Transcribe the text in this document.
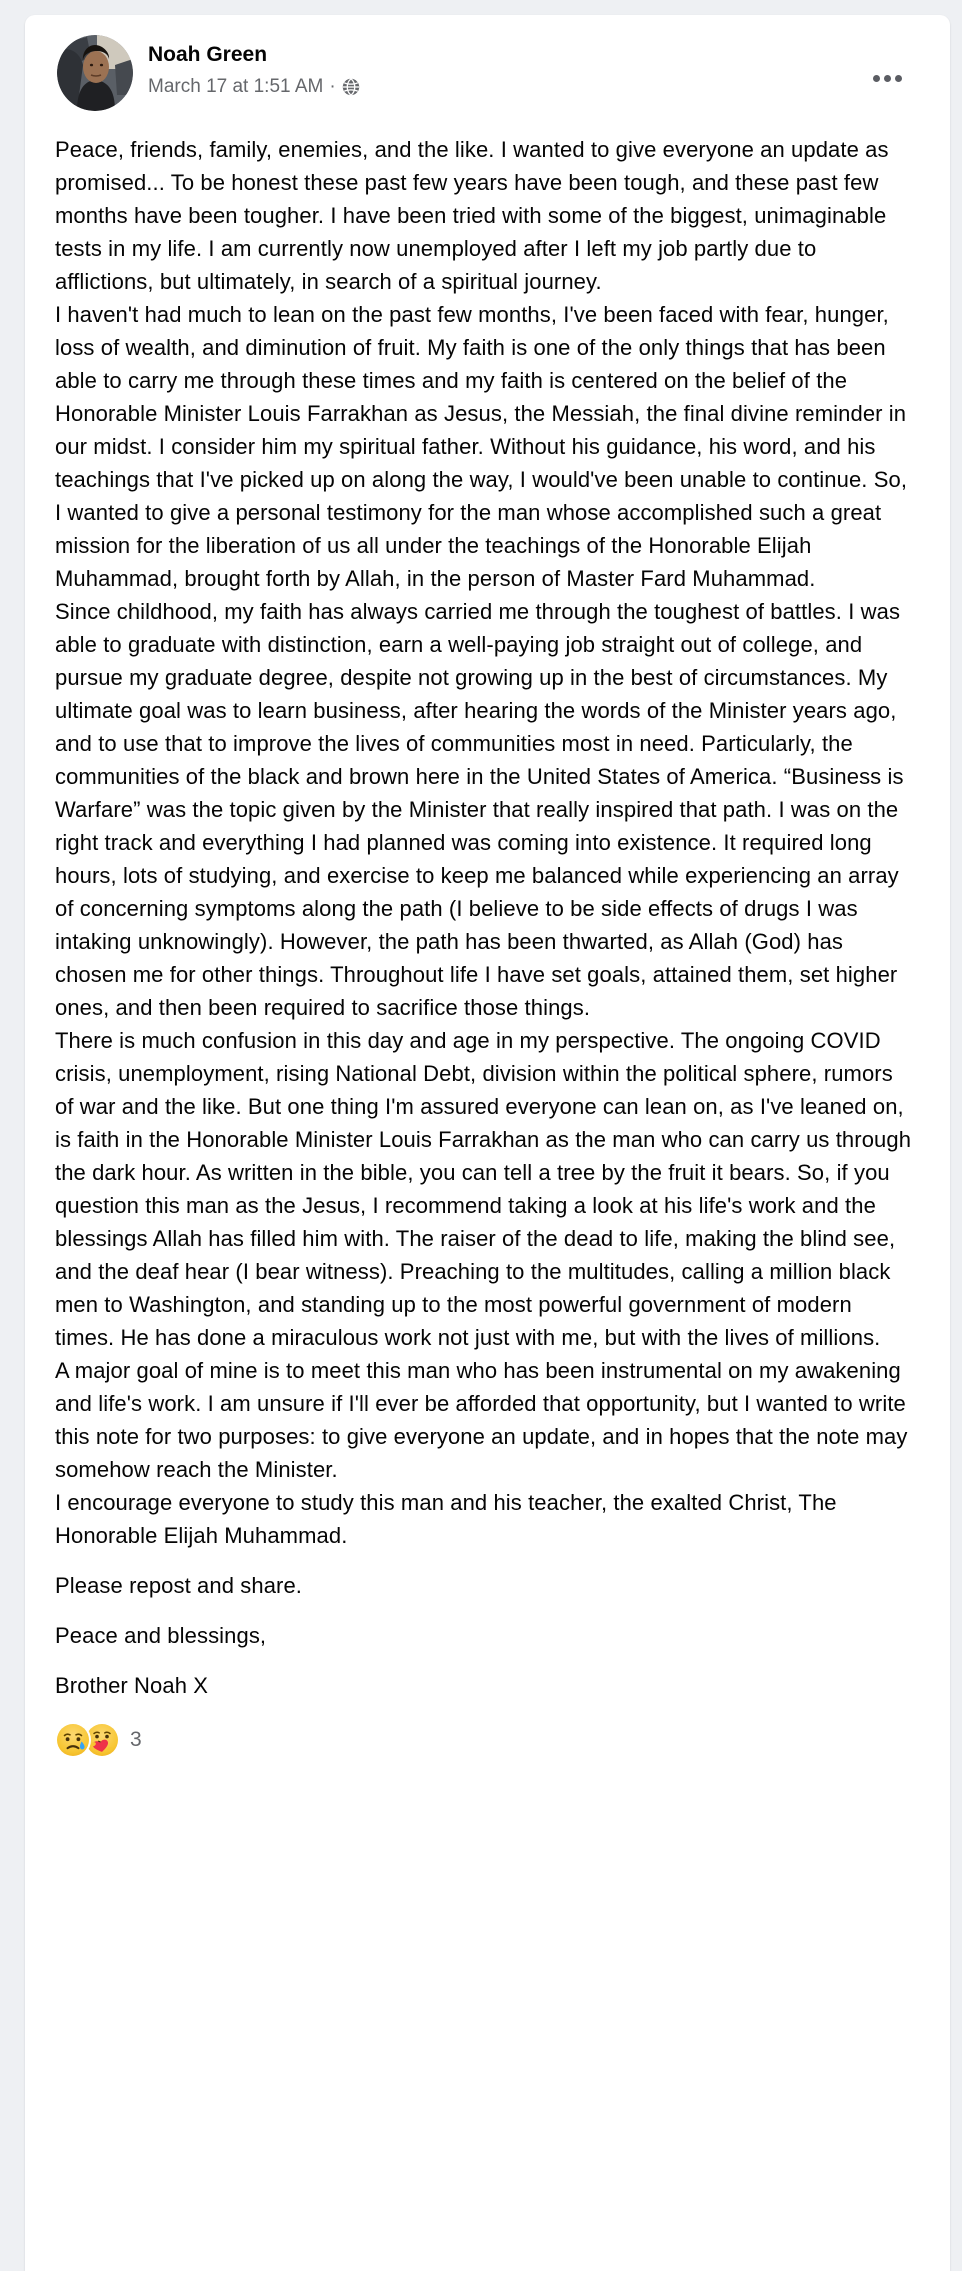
Noah Green
March 17 at 1:51 AM ·

Peace, friends, family, enemies, and the like. I wanted to give everyone an update as promised... To be honest these past few years have been tough, and these past few months have been tougher. I have been tried with some of the biggest, unimaginable tests in my life. I am currently now unemployed after I left my job partly due to afflictions, but ultimately, in search of a spiritual journey.

I haven't had much to lean on the past few months, I've been faced with fear, hunger, loss of wealth, and diminution of fruit. My faith is one of the only things that has been able to carry me through these times and my faith is centered on the belief of the Honorable Minister Louis Farrakhan as Jesus, the Messiah, the final divine reminder in our midst. I consider him my spiritual father. Without his guidance, his word, and his teachings that I've picked up on along the way, I would've been unable to continue. So, I wanted to give a personal testimony for the man whose accomplished such a great mission for the liberation of us all under the teachings of the Honorable Elijah Muhammad, brought forth by Allah, in the person of Master Fard Muhammad.

Since childhood, my faith has always carried me through the toughest of battles. I was able to graduate with distinction, earn a well-paying job straight out of college, and pursue my graduate degree, despite not growing up in the best of circumstances. My ultimate goal was to learn business, after hearing the words of the Minister years ago, and to use that to improve the lives of communities most in need. Particularly, the communities of the black and brown here in the United States of America. “Business is Warfare” was the topic given by the Minister that really inspired that path. I was on the right track and everything I had planned was coming into existence. It required long hours, lots of studying, and exercise to keep me balanced while experiencing an array of concerning symptoms along the path (I believe to be side effects of drugs I was intaking unknowingly). However, the path has been thwarted, as Allah (God) has chosen me for other things. Throughout life I have set goals, attained them, set higher ones, and then been required to sacrifice those things.

There is much confusion in this day and age in my perspective. The ongoing COVID crisis, unemployment, rising National Debt, division within the political sphere, rumors of war and the like. But one thing I'm assured everyone can lean on, as I've leaned on, is faith in the Honorable Minister Louis Farrakhan as the man who can carry us through the dark hour. As written in the bible, you can tell a tree by the fruit it bears. So, if you question this man as the Jesus, I recommend taking a look at his life's work and the blessings Allah has filled him with. The raiser of the dead to life, making the blind see, and the deaf hear (I bear witness). Preaching to the multitudes, calling a million black men to Washington, and standing up to the most powerful government of modern times. He has done a miraculous work not just with me, but with the lives of millions.

A major goal of mine is to meet this man who has been instrumental on my awakening and life's work. I am unsure if I'll ever be afforded that opportunity, but I wanted to write this note for two purposes: to give everyone an update, and in hopes that the note may somehow reach the Minister.

I encourage everyone to study this man and his teacher, the exalted Christ, The Honorable Elijah Muhammad.

Please repost and share.

Peace and blessings,

Brother Noah X

3
